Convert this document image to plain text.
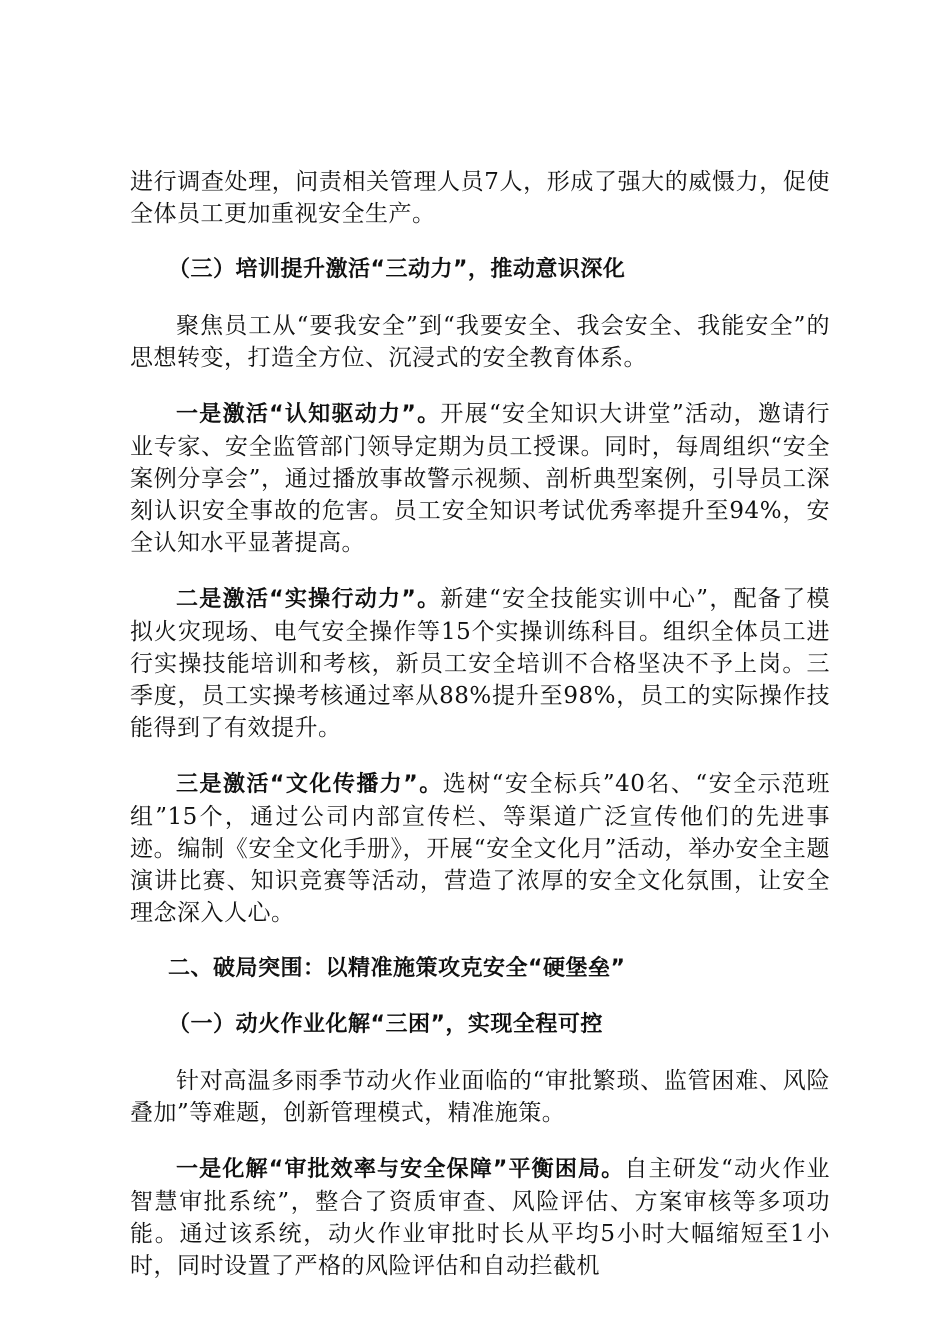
进行调查处理，问责相关管理人员7人，形成了强大的威慑力，促使全体员工更加重视安全生产。

（三）培训提升激活“三动力”，推动意识深化

聚焦员工从“要我安全”到“我要安全、我会安全、我能安全”的思想转变，打造全方位、沉浸式的安全教育体系。

一是激活“认知驱动力”。开展“安全知识大讲堂”活动，邀请行业专家、安全监管部门领导定期为员工授课。同时，每周组织“安全案例分享会”，通过播放事故警示视频、剖析典型案例，引导员工深刻认识安全事故的危害。员工安全知识考试优秀率提升至94%，安全认知水平显著提高。

二是激活“实操行动力”。新建“安全技能实训中心”，配备了模拟火灾现场、电气安全操作等15个实操训练科目。组织全体员工进行实操技能培训和考核，新员工安全培训不合格坚决不予上岗。三季度，员工实操考核通过率从88%提升至98%，员工的实际操作技能得到了有效提升。

三是激活“文化传播力”。选树“安全标兵”40名、“安全示范班组”15个，通过公司内部宣传栏、等渠道广泛宣传他们的先进事迹。编制《安全文化手册》，开展“安全文化月”活动，举办安全主题演讲比赛、知识竞赛等活动，营造了浓厚的安全文化氛围，让安全理念深入人心。

二、破局突围：以精准施策攻克安全“硬堡垒”

（一）动火作业化解“三困”，实现全程可控

针对高温多雨季节动火作业面临的“审批繁琐、监管困难、风险叠加”等难题，创新管理模式，精准施策。

一是化解“审批效率与安全保障”平衡困局。自主研发“动火作业智慧审批系统”，整合了资质审查、风险评估、方案审核等多项功能。通过该系统，动火作业审批时长从平均5小时大幅缩短至1小时，同时设置了严格的风险评估和自动拦截机
